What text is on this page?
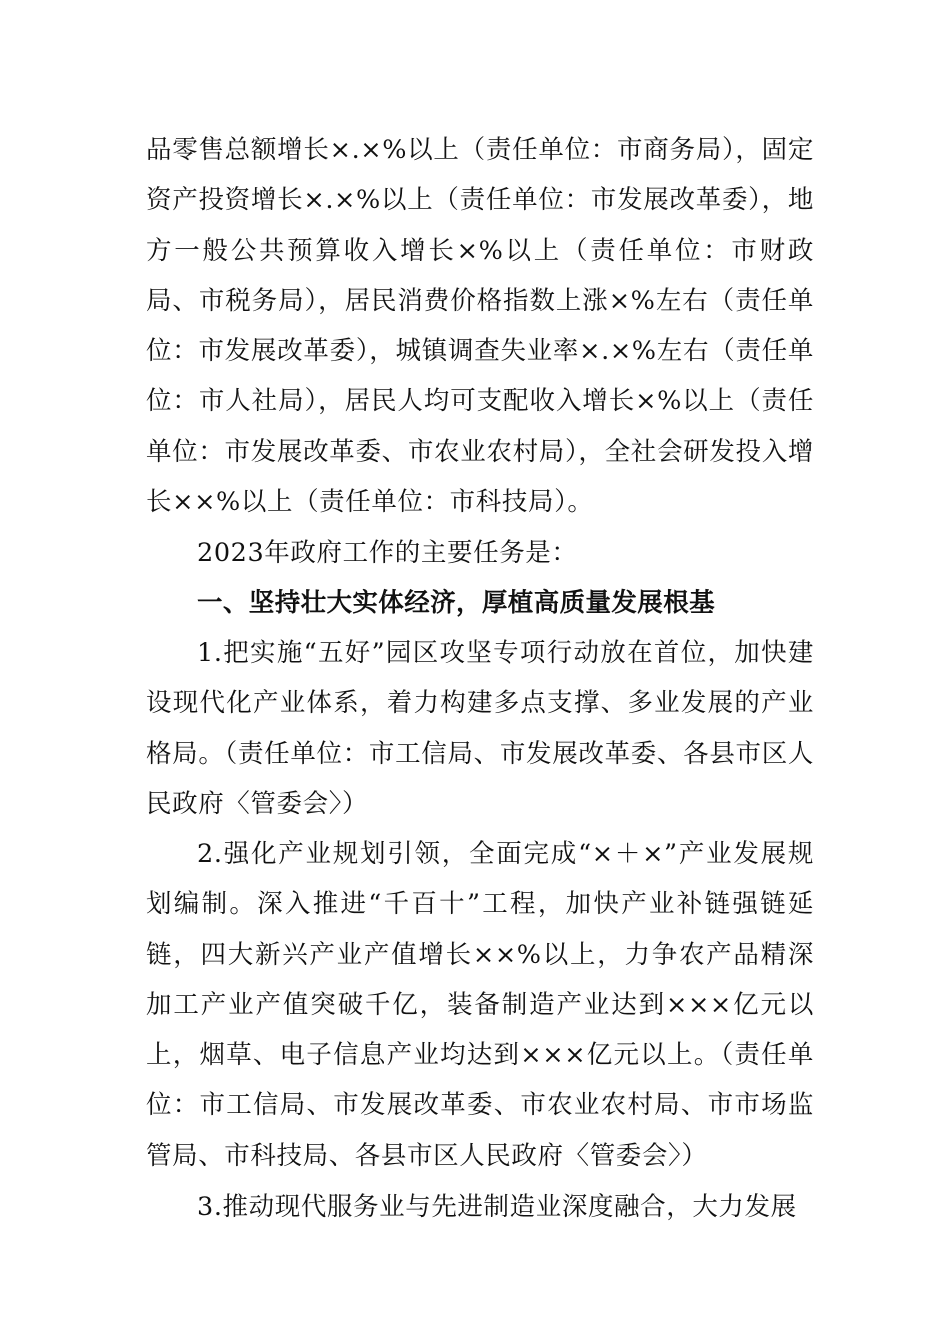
品零售总额增长×.×%以上（责任单位：市商务局），固定资产投资增长×.×%以上（责任单位：市发展改革委），地方一般公共预算收入增长×%以上（责任单位：市财政局、市税务局），居民消费价格指数上涨×%左右（责任单位：市发展改革委），城镇调查失业率×.×%左右（责任单位：市人社局），居民人均可支配收入增长×%以上（责任单位：市发展改革委、市农业农村局），全社会研发投入增长××%以上（责任单位：市科技局）。

2023年政府工作的主要任务是：

一、坚持壮大实体经济，厚植高质量发展根基

1.把实施“五好”园区攻坚专项行动放在首位，加快建设现代化产业体系，着力构建多点支撑、多业发展的产业格局。（责任单位：市工信局、市发展改革委、各县市区人民政府〈管委会〉）

2.强化产业规划引领，全面完成“×＋×”产业发展规划编制。深入推进“千百十”工程，加快产业补链强链延链，四大新兴产业产值增长××%以上，力争农产品精深加工产业产值突破千亿，装备制造产业达到×××亿元以上，烟草、电子信息产业均达到×××亿元以上。（责任单位：市工信局、市发展改革委、市农业农村局、市市场监管局、市科技局、各县市区人民政府〈管委会〉）

3.推动现代服务业与先进制造业深度融合，大力发展
